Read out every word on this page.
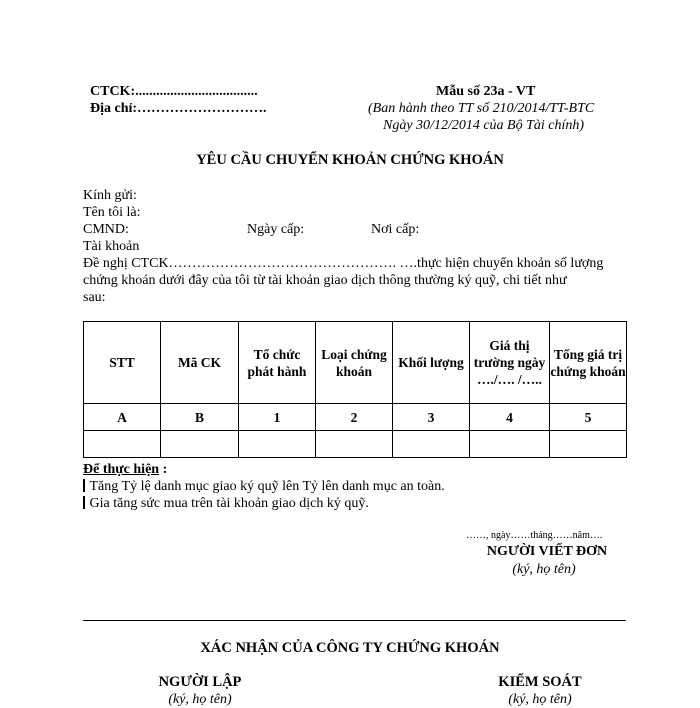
CTCK:...................................
Địa chỉ:……………………….
Mẫu số 23a - VT
(Ban hành theo TT số 210/2014/TT-BTC
Ngày 30/12/2014 của Bộ Tài chính)
YÊU CẦU CHUYỂN KHOẢN CHỨNG KHOÁN
Kính gửi:
Tên tôi là:
CMND:	Ngày cấp:	Nơi cấp:
Tài khoản
Đề nghị CTCK…………………………………………. ….thực hiện chuyển khoản số lượng
chứng khoán dưới đây của tôi từ tài khoản giao dịch thông thường ký quỹ, chi tiết như
sau:
STT	Mã CK	Tổ chức phát hành	Loại chứng khoán	Khối lượng	Giá thị trường ngày …./…. /…..	Tổng giá trị chứng khoán
A	B	1	2	3	4	5

Để thực hiện :
Tăng Tỷ lệ danh mục giao ký quỹ lên Tỷ lên danh mục an toàn.
Gia tăng sức mua trên tài khoản giao dịch ký quỹ.
……, ngày……tháng……năm….
NGƯỜI VIẾT ĐƠN
(ký, họ tên)
XÁC NHẬN CỦA CÔNG TY CHỨNG KHOÁN
NGƯỜI LẬP
(ký, họ tên)
KIỂM SOÁT
(ký, họ tên)
